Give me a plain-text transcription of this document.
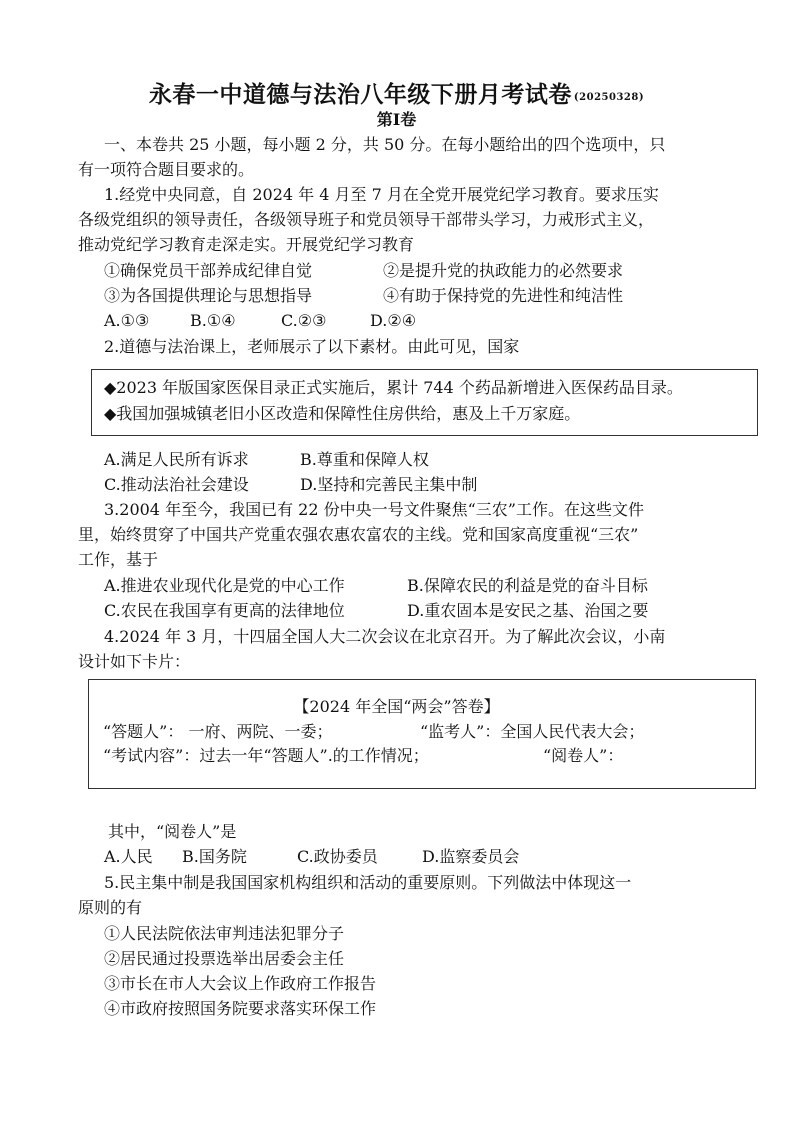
永春一中道德与法治八年级下册月考试卷 (20250328)
第Ⅰ卷
一、本卷共 25 小题，每小题 2 分，共 50 分。在每小题给出的四个选项中，只
有一项符合题目要求的。
1.经党中央同意，自 2024 年 4 月至 7 月在全党开展党纪学习教育。要求压实
各级党组织的领导责任，各级领导班子和党员领导干部带头学习，力戒形式主义，
推动党纪学习教育走深走实。开展党纪学习教育
①确保党员干部养成纪律自觉	②是提升党的执政能力的必然要求
③为各国提供理论与思想指导	④有助于保持党的先进性和纯洁性
A.①③	B.①④	C.②③	D.②④
2.道德与法治课上，老师展示了以下素材。由此可见，国家
◆2023 年版国家医保目录正式实施后，累计 744 个药品新增进入医保药品目录。
◆我国加强城镇老旧小区改造和保障性住房供给，惠及上千万家庭。
A.满足人民所有诉求	B.尊重和保障人权
C.推动法治社会建设	D.坚持和完善民主集中制
3.2004 年至今，我国已有 22 份中央一号文件聚焦“三农”工作。在这些文件
里，始终贯穿了中国共产党重农强农惠农富农的主线。党和国家高度重视“三农”
工作，基于
A.推进农业现代化是党的中心工作	B.保障农民的利益是党的奋斗目标
C.农民在我国享有更高的法律地位	D.重农固本是安民之基、治国之要
4.2024 年 3 月，十四届全国人大二次会议在北京召开。为了解此次会议，小南
设计如下卡片：
【2024 年全国“两会”答卷】
“答题人”： 一府、两院、一委；	“监考人”：全国人民代表大会；
“考试内容”：过去一年“答题人”.的工作情况；	“阅卷人”：
其中，“阅卷人”是
A.人民 B.国务院	C.政协委员	D.监察委员会
5.民主集中制是我国国家机构组织和活动的重要原则。下列做法中体现这一
原则的有
①人民法院依法审判违法犯罪分子
②居民通过投票选举出居委会主任
③市长在市人大会议上作政府工作报告
④市政府按照国务院要求落实环保工作
